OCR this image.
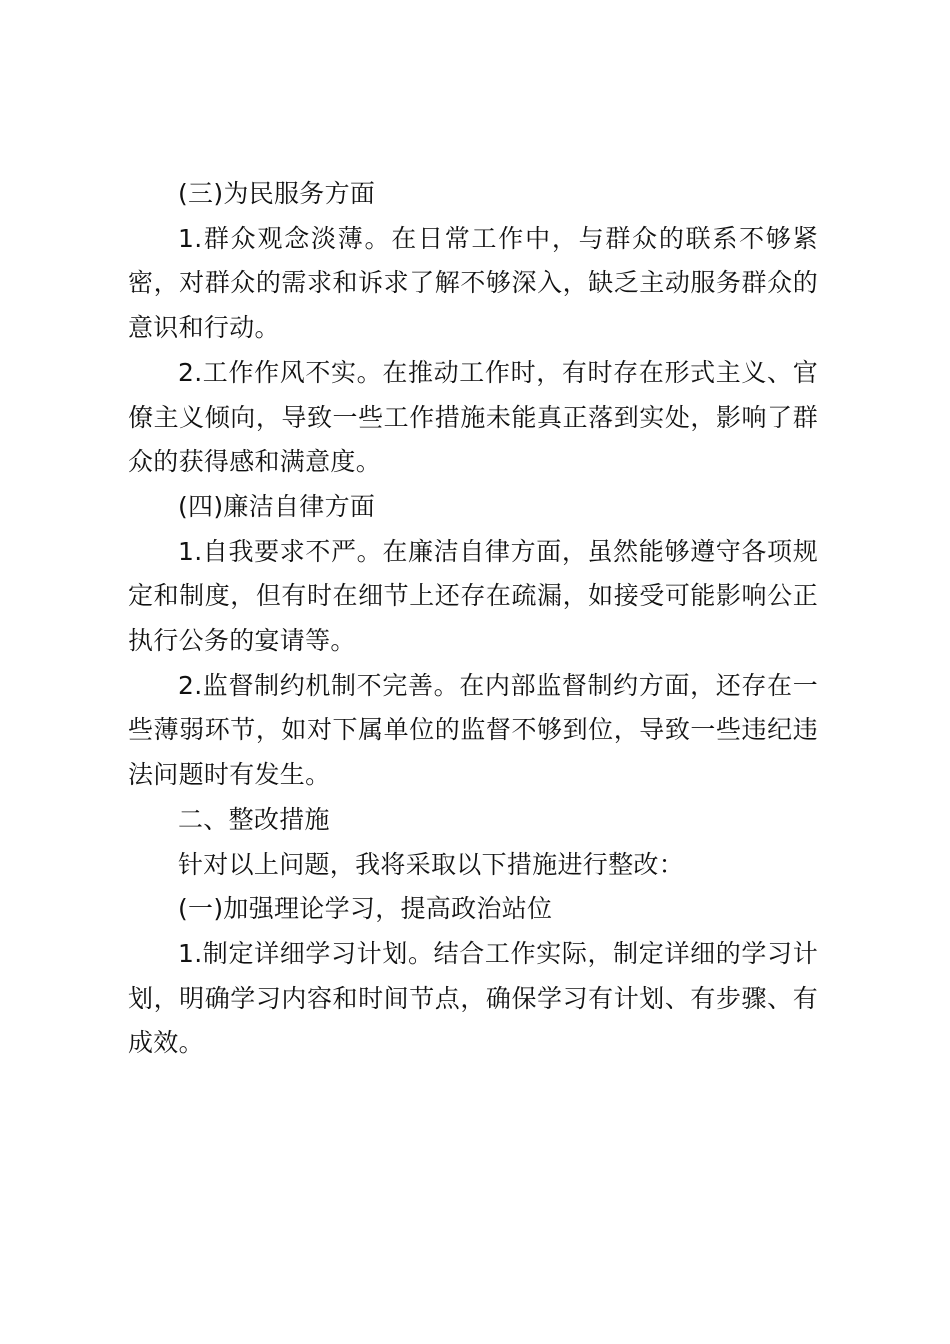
(三)为民服务方面

1.群众观念淡薄。在日常工作中，与群众的联系不够紧密，对群众的需求和诉求了解不够深入，缺乏主动服务群众的意识和行动。

2.工作作风不实。在推动工作时，有时存在形式主义、官僚主义倾向，导致一些工作措施未能真正落到实处，影响了群众的获得感和满意度。

(四)廉洁自律方面

1.自我要求不严。在廉洁自律方面，虽然能够遵守各项规定和制度，但有时在细节上还存在疏漏，如接受可能影响公正执行公务的宴请等。

2.监督制约机制不完善。在内部监督制约方面，还存在一些薄弱环节，如对下属单位的监督不够到位，导致一些违纪违法问题时有发生。

二、整改措施

针对以上问题，我将采取以下措施进行整改：

(一)加强理论学习，提高政治站位

1.制定详细学习计划。结合工作实际，制定详细的学习计划，明确学习内容和时间节点，确保学习有计划、有步骤、有成效。
